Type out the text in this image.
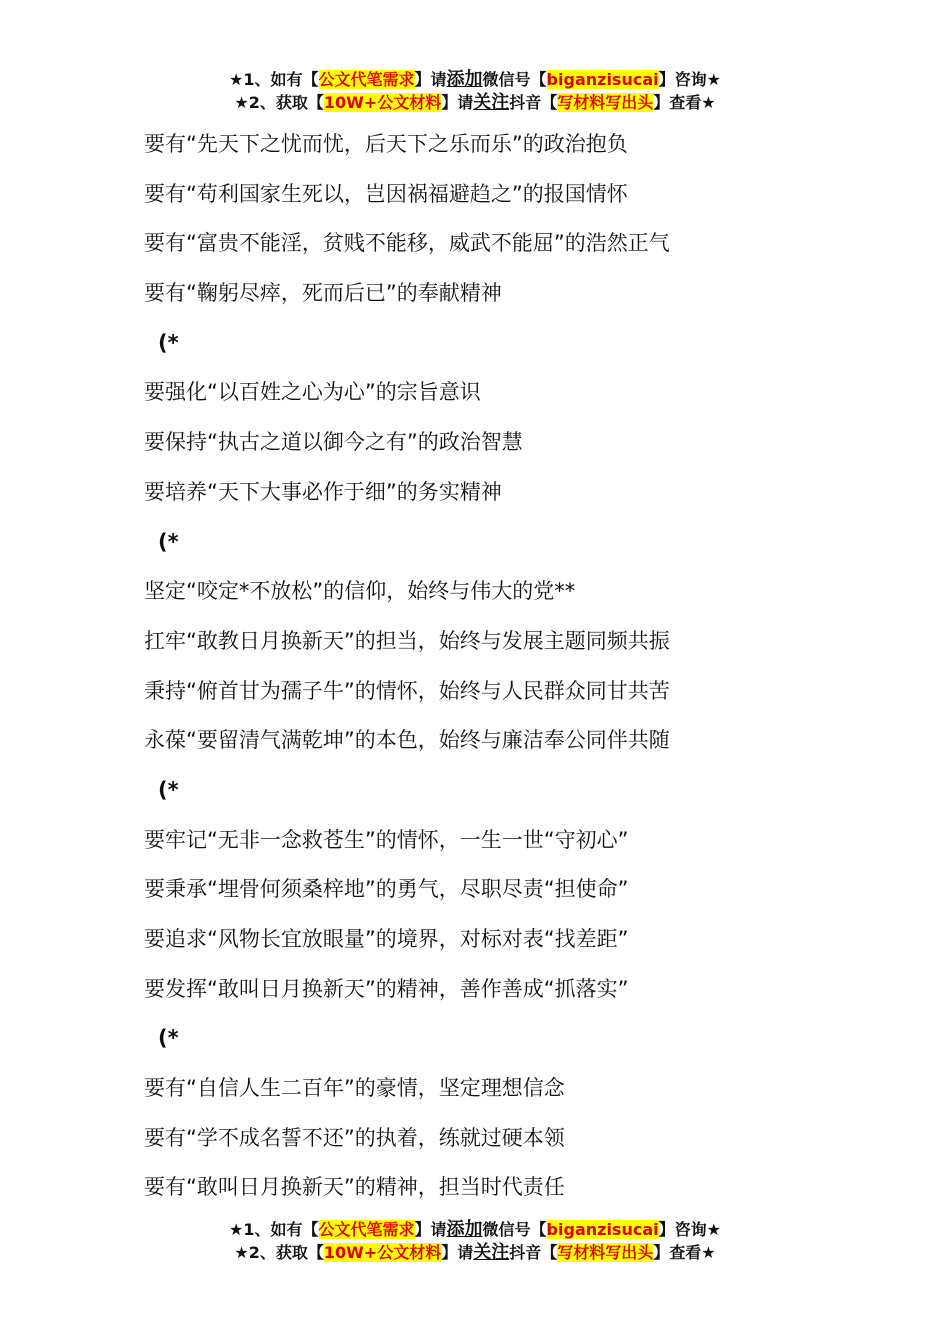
★1、如有【公文代笔需求】请添加微信号【biganzisucai】咨询★
★2、获取【10W+公文材料】请关注抖音【写材料写出头】查看★
要有“先天下之忧而忧，后天下之乐而乐”的政治抱负
要有“苟利国家生死以，岂因祸福避趋之”的报国情怀
要有“富贵不能淫，贫贱不能移，威武不能屈”的浩然正气
要有“鞠躬尽瘁，死而后已”的奉献精神
(*
要强化“以百姓之心为心”的宗旨意识
要保持“执古之道以御今之有”的政治智慧
要培养“天下大事必作于细”的务实精神
(*
坚定“咬定*不放松”的信仰，始终与伟大的党**
扛牢“敢教日月换新天”的担当，始终与发展主题同频共振
秉持“俯首甘为孺子牛”的情怀，始终与人民群众同甘共苦
永葆“要留清气满乾坤”的本色，始终与廉洁奉公同伴共随
(*
要牢记“无非一念救苍生”的情怀，一生一世“守初心”
要秉承“埋骨何须桑梓地”的勇气，尽职尽责“担使命”
要追求“风物长宜放眼量”的境界，对标对表“找差距”
要发挥“敢叫日月换新天”的精神，善作善成“抓落实”
(*
要有“自信人生二百年”的豪情，坚定理想信念
要有“学不成名誓不还”的执着，练就过硬本领
要有“敢叫日月换新天”的精神，担当时代责任
★1、如有【公文代笔需求】请添加微信号【biganzisucai】咨询★
★2、获取【10W+公文材料】请关注抖音【写材料写出头】查看★
